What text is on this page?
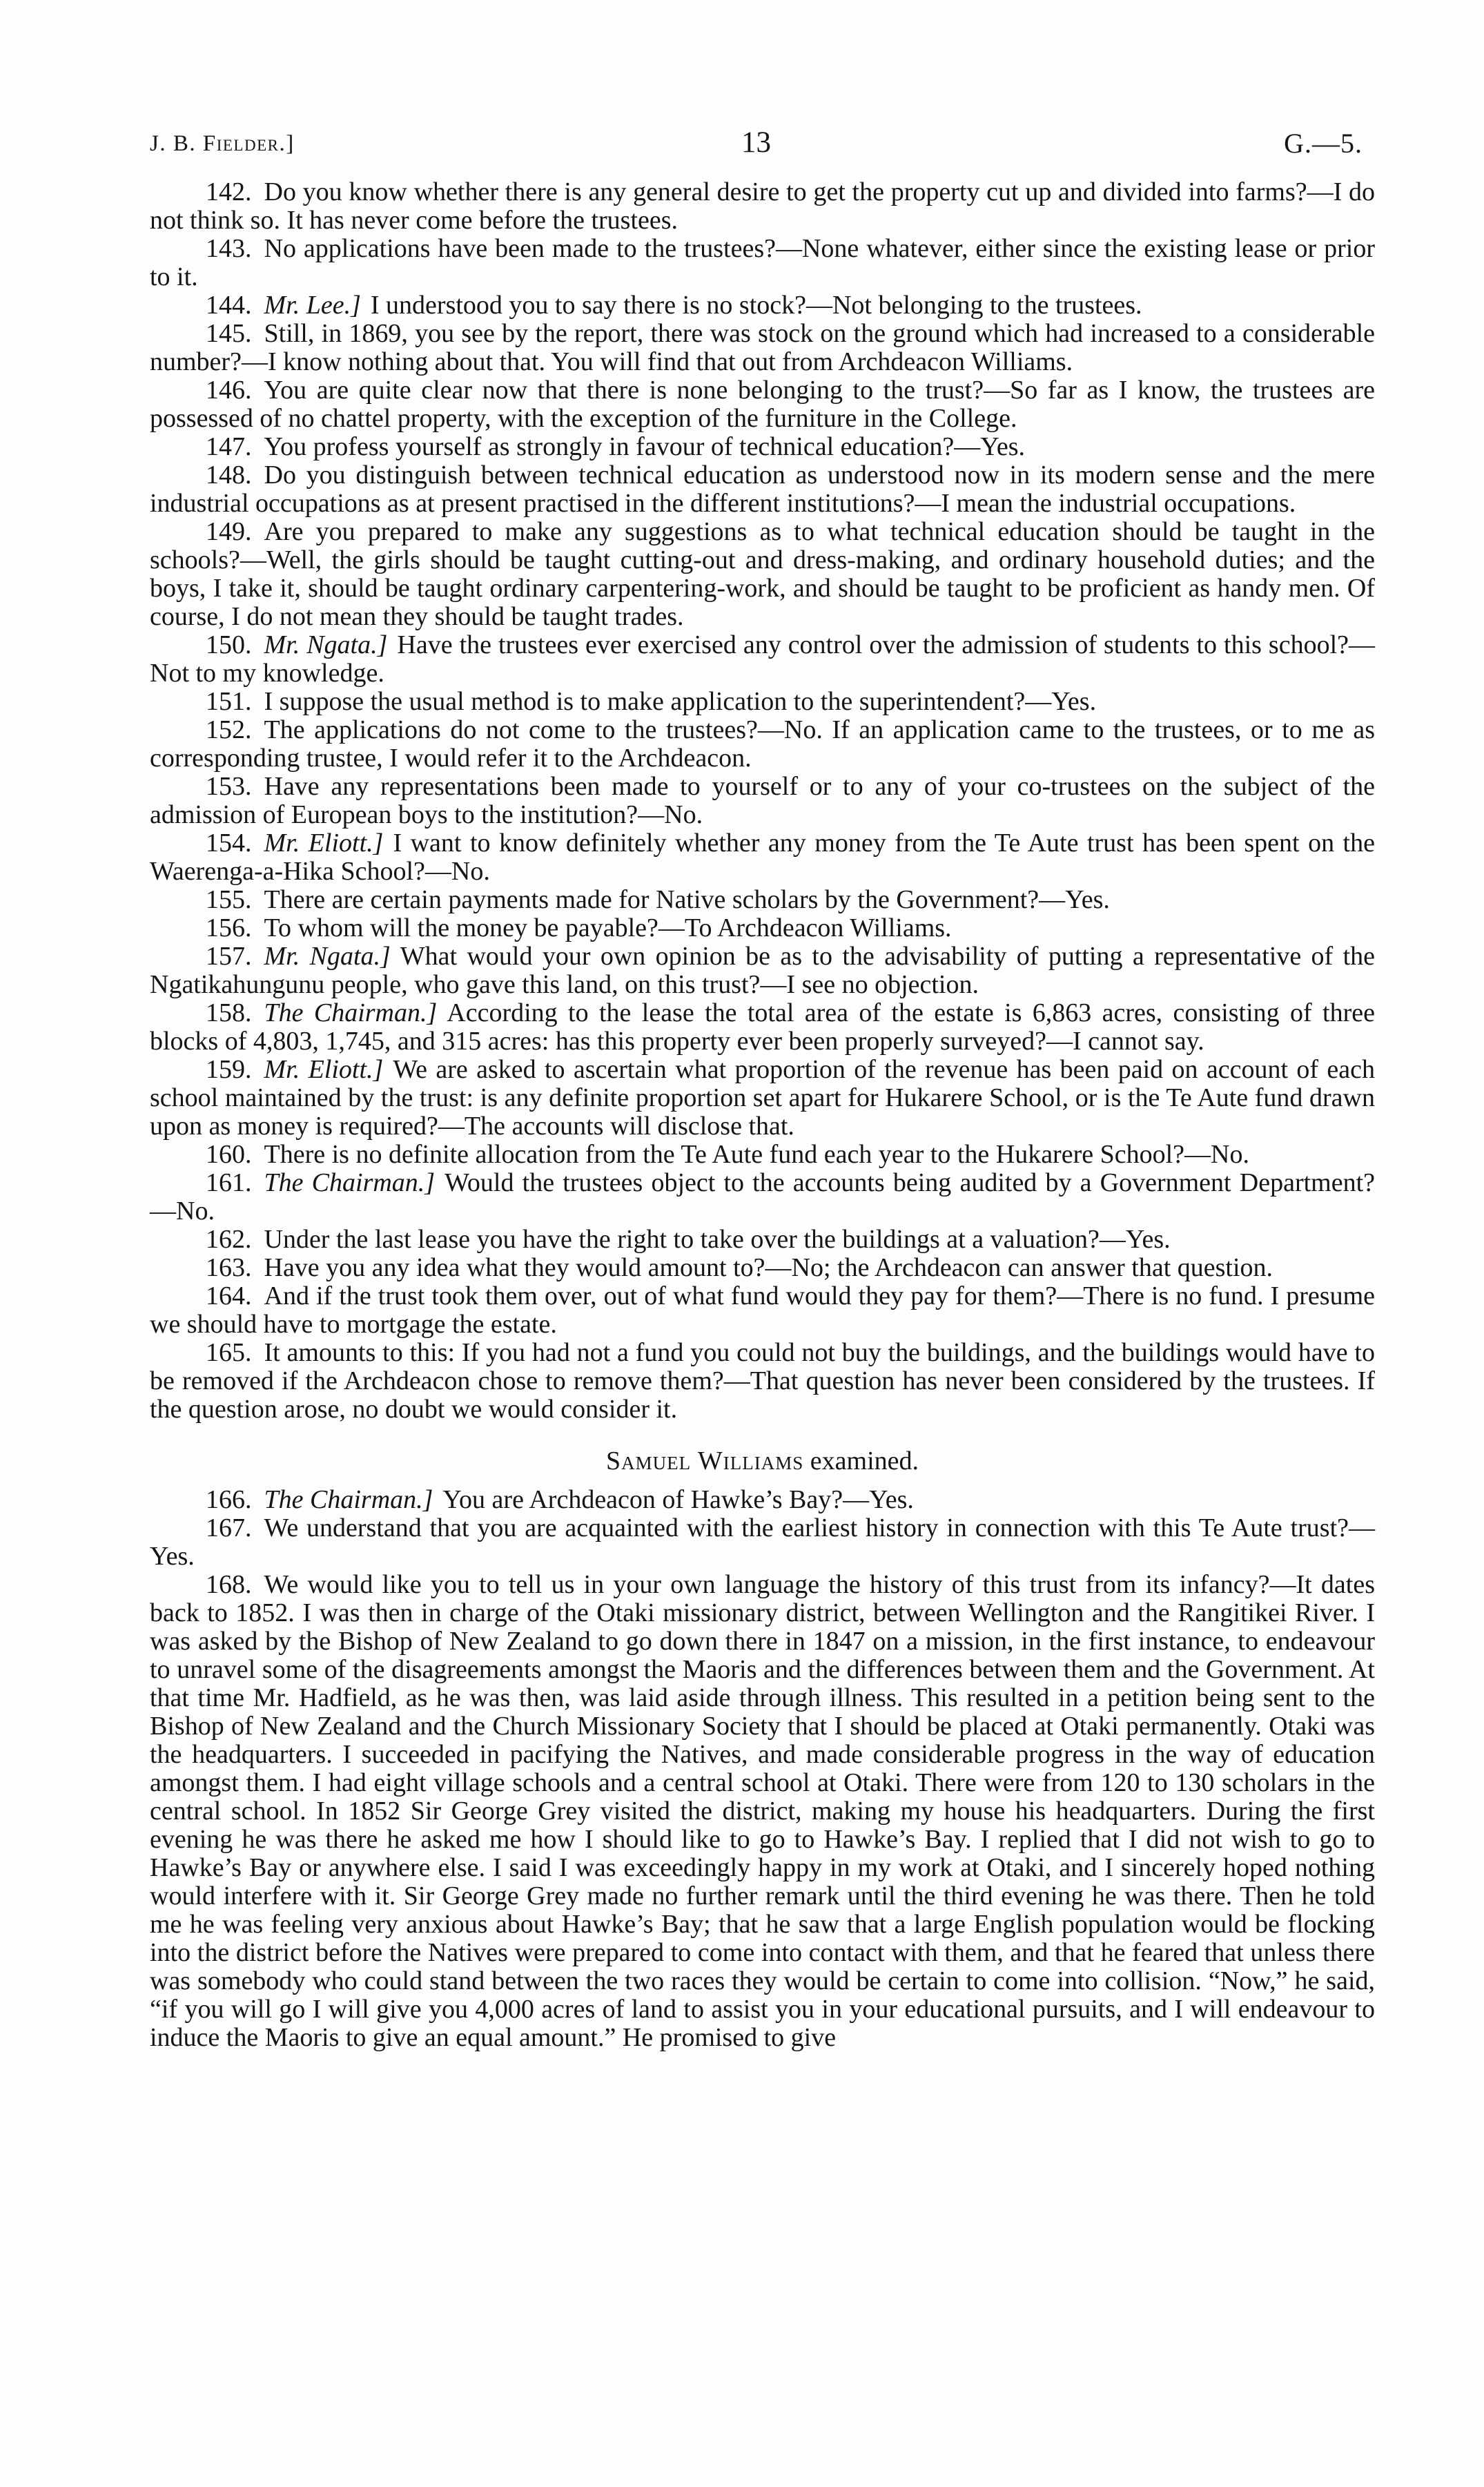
J. B. Fielder.]	13	G.—5.

142. Do you know whether there is any general desire to get the property cut up and divided into farms?—I do not think so. It has never come before the trustees.

143. No applications have been made to the trustees?—None whatever, either since the existing lease or prior to it.

144. Mr. Lee.] I understood you to say there is no stock?—Not belonging to the trustees.

145. Still, in 1869, you see by the report, there was stock on the ground which had increased to a considerable number?—I know nothing about that. You will find that out from Archdeacon Williams.

146. You are quite clear now that there is none belonging to the trust?—So far as I know, the trustees are possessed of no chattel property, with the exception of the furniture in the College.

147. You profess yourself as strongly in favour of technical education?—Yes.

148. Do you distinguish between technical education as understood now in its modern sense and the mere industrial occupations as at present practised in the different institutions?—I mean the industrial occupations.

149. Are you prepared to make any suggestions as to what technical education should be taught in the schools?—Well, the girls should be taught cutting-out and dress-making, and ordinary household duties; and the boys, I take it, should be taught ordinary carpentering-work, and should be taught to be proficient as handy men. Of course, I do not mean they should be taught trades.

150. Mr. Ngata.] Have the trustees ever exercised any control over the admission of students to this school?—Not to my knowledge.

151. I suppose the usual method is to make application to the superintendent?—Yes.

152. The applications do not come to the trustees?—No. If an application came to the trustees, or to me as corresponding trustee, I would refer it to the Archdeacon.

153. Have any representations been made to yourself or to any of your co-trustees on the subject of the admission of European boys to the institution?—No.

154. Mr. Eliott.] I want to know definitely whether any money from the Te Aute trust has been spent on the Waerenga-a-Hika School?—No.

155. There are certain payments made for Native scholars by the Government?—Yes.

156. To whom will the money be payable?—To Archdeacon Williams.

157. Mr. Ngata.] What would your own opinion be as to the advisability of putting a representative of the Ngatikahungunu people, who gave this land, on this trust?—I see no objection.

158. The Chairman.] According to the lease the total area of the estate is 6,863 acres, consisting of three blocks of 4,803, 1,745, and 315 acres: has this property ever been properly surveyed?—I cannot say.

159. Mr. Eliott.] We are asked to ascertain what proportion of the revenue has been paid on account of each school maintained by the trust: is any definite proportion set apart for Hukarere School, or is the Te Aute fund drawn upon as money is required?—The accounts will disclose that.

160. There is no definite allocation from the Te Aute fund each year to the Hukarere School?—No.

161. The Chairman.] Would the trustees object to the accounts being audited by a Government Department?—No.

162. Under the last lease you have the right to take over the buildings at a valuation?—Yes.

163. Have you any idea what they would amount to?—No; the Archdeacon can answer that question.

164. And if the trust took them over, out of what fund would they pay for them?—There is no fund. I presume we should have to mortgage the estate.

165. It amounts to this: If you had not a fund you could not buy the buildings, and the buildings would have to be removed if the Archdeacon chose to remove them?—That question has never been considered by the trustees. If the question arose, no doubt we would consider it.

Samuel Williams examined.

166. The Chairman.] You are Archdeacon of Hawke’s Bay?—Yes.

167. We understand that you are acquainted with the earliest history in connection with this Te Aute trust?—Yes.

168. We would like you to tell us in your own language the history of this trust from its infancy?—It dates back to 1852. I was then in charge of the Otaki missionary district, between Wellington and the Rangitikei River. I was asked by the Bishop of New Zealand to go down there in 1847 on a mission, in the first instance, to endeavour to unravel some of the disagreements amongst the Maoris and the differences between them and the Government. At that time Mr. Hadfield, as he was then, was laid aside through illness. This resulted in a petition being sent to the Bishop of New Zealand and the Church Missionary Society that I should be placed at Otaki permanently. Otaki was the headquarters. I succeeded in pacifying the Natives, and made considerable progress in the way of education amongst them. I had eight village schools and a central school at Otaki. There were from 120 to 130 scholars in the central school. In 1852 Sir George Grey visited the district, making my house his headquarters. During the first evening he was there he asked me how I should like to go to Hawke’s Bay. I replied that I did not wish to go to Hawke’s Bay or anywhere else. I said I was exceedingly happy in my work at Otaki, and I sincerely hoped nothing would interfere with it. Sir George Grey made no further remark until the third evening he was there. Then he told me he was feeling very anxious about Hawke’s Bay; that he saw that a large English population would be flocking into the district before the Natives were prepared to come into contact with them, and that he feared that unless there was somebody who could stand between the two races they would be certain to come into collision. “Now,” he said, “if you will go I will give you 4,000 acres of land to assist you in your educational pursuits, and I will endeavour to induce the Maoris to give an equal amount.” He promised to give
